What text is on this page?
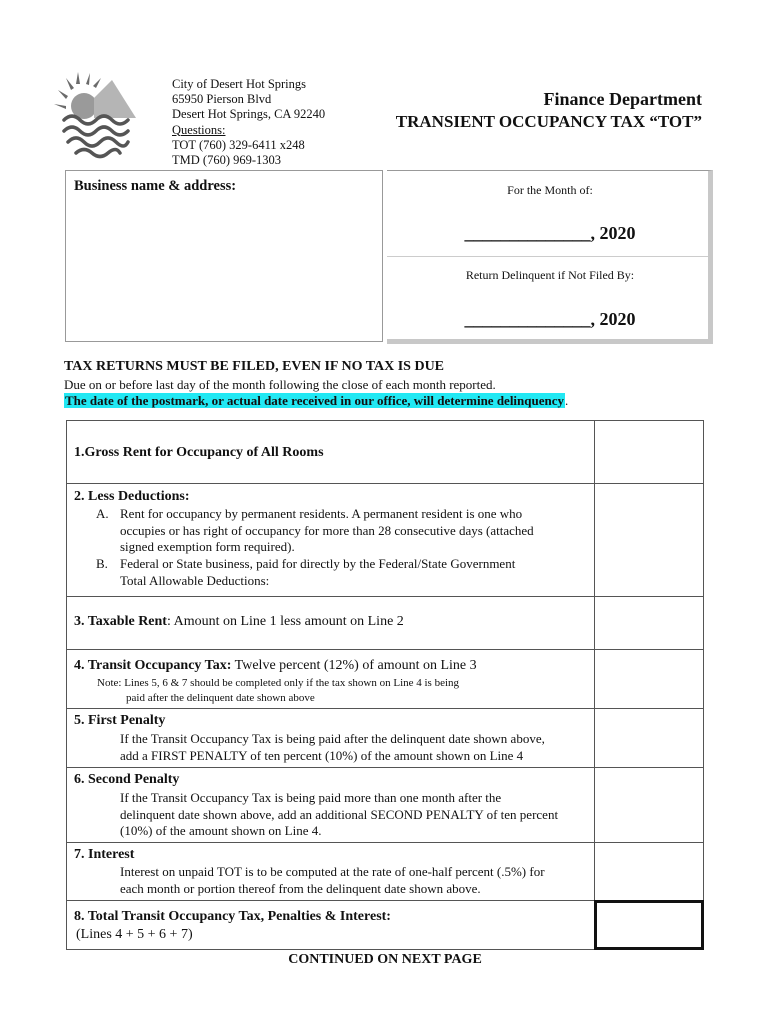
City of Desert Hot Springs
65950 Pierson Blvd
Desert Hot Springs, CA 92240
Questions:
TOT (760) 329-6411 x248
TMD (760) 969-1303
Finance Department
TRANSIENT OCCUPANCY TAX “TOT”
Business name & address:	For the Month of:
______________, 2020
Return Delinquent if Not Filed By:
______________, 2020
TAX RETURNS MUST BE FILED, EVEN IF NO TAX IS DUE
Due on or before last day of the month following the close of each month reported.
The date of the postmark, or actual date received in our office, will determine delinquency.
1.Gross Rent for Occupancy of All Rooms
2. Less Deductions:
A. Rent for occupancy by permanent residents. A permanent resident is one who
occupies or has right of occupancy for more than 28 consecutive days (attached
signed exemption form required).
B. Federal or State business, paid for directly by the Federal/State Government
Total Allowable Deductions:
3. Taxable Rent: Amount on Line 1 less amount on Line 2
4. Transit Occupancy Tax: Twelve percent (12%) of amount on Line 3
Note: Lines 5, 6 & 7 should be completed only if the tax shown on Line 4 is being
paid after the delinquent date shown above
5. First Penalty
If the Transit Occupancy Tax is being paid after the delinquent date shown above,
add a FIRST PENALTY of ten percent (10%) of the amount shown on Line 4
6. Second Penalty
If the Transit Occupancy Tax is being paid more than one month after the
delinquent date shown above, add an additional SECOND PENALTY of ten percent
(10%) of the amount shown on Line 4.
7. Interest
Interest on unpaid TOT is to be computed at the rate of one-half percent (.5%) for
each month or portion thereof from the delinquent date shown above.
8. Total Transit Occupancy Tax, Penalties & Interest:
(Lines 4 + 5 + 6 + 7)
CONTINUED ON NEXT PAGE
